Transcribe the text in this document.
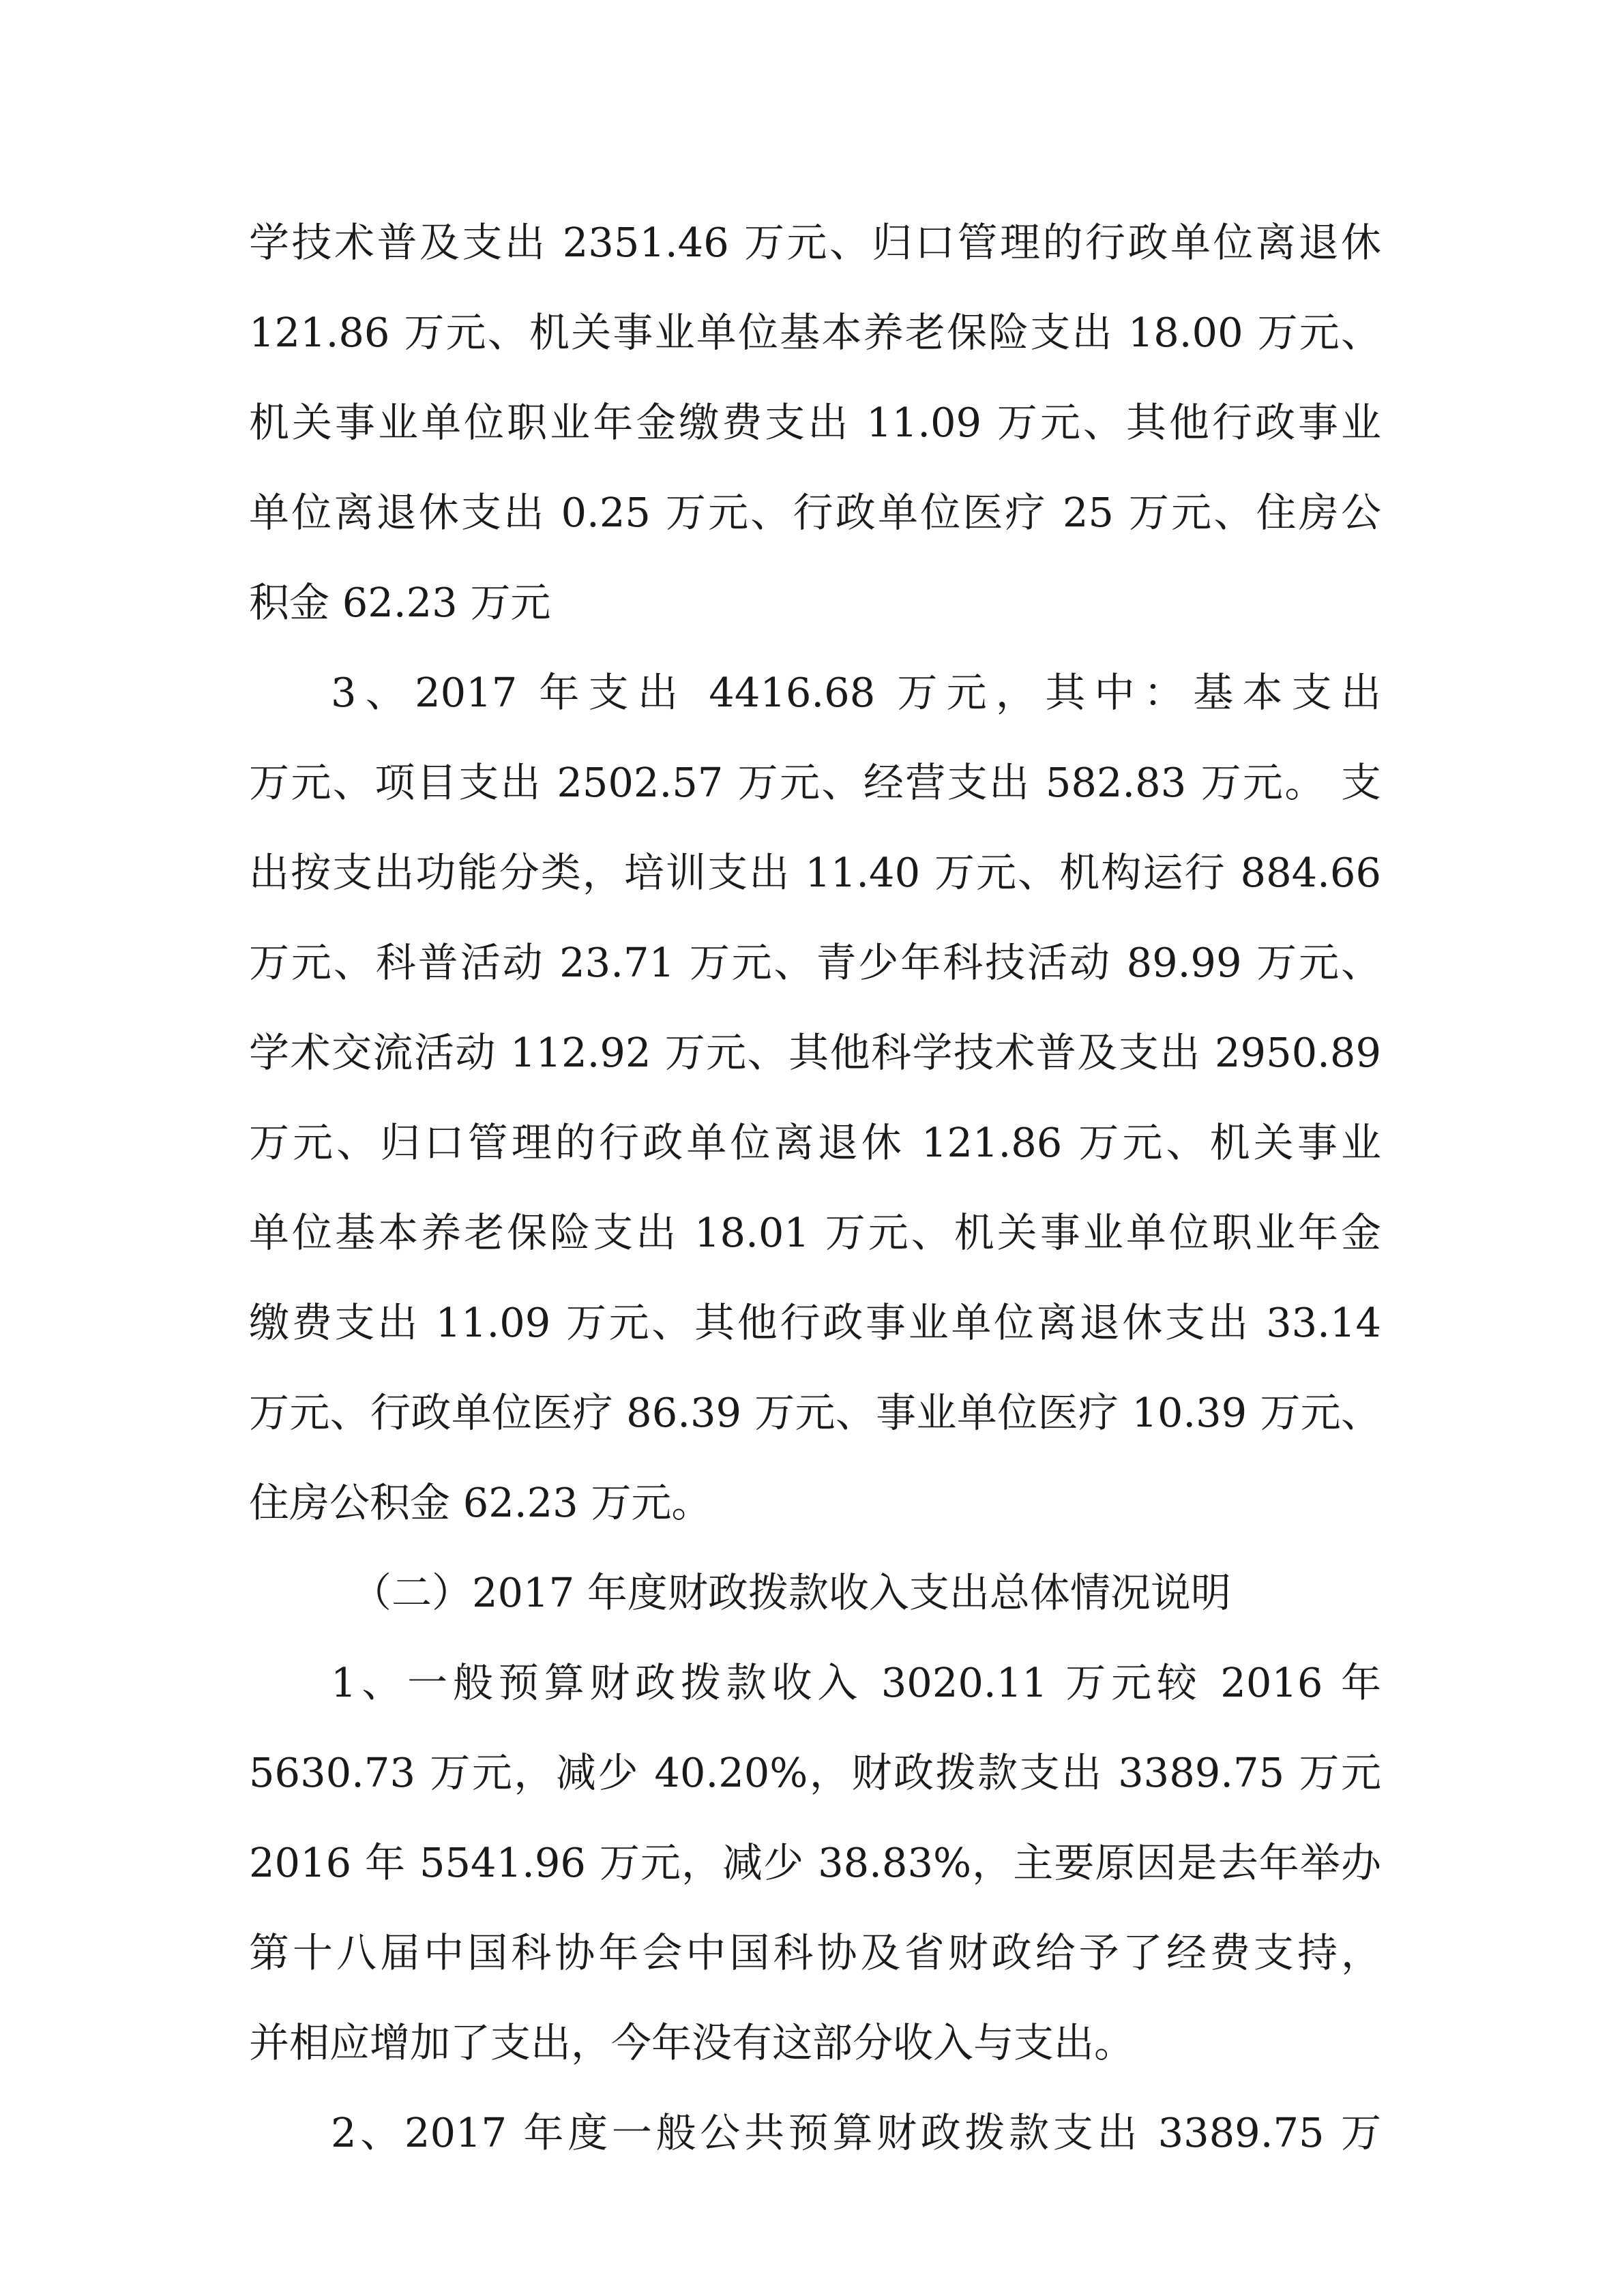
学技术普及支出 2351.46 万元、归口管理的行政单位离退休
121.86 万元、机关事业单位基本养老保险支出 18.00 万元、
机关事业单位职业年金缴费支出 11.09 万元、其他行政事业
单位离退休支出 0.25 万元、行政单位医疗 25 万元、住房公
积金 62.23 万元
3、2017 年支出 4416.68 万元，其中：基本支出
万元、项目支出 2502.57 万元、经营支出 582.83 万元。 支
出按支出功能分类，培训支出 11.40 万元、机构运行 884.66
万元、科普活动 23.71 万元、青少年科技活动 89.99 万元、
学术交流活动 112.92 万元、其他科学技术普及支出 2950.89
万元、归口管理的行政单位离退休 121.86 万元、机关事业
单位基本养老保险支出 18.01 万元、机关事业单位职业年金
缴费支出 11.09 万元、其他行政事业单位离退休支出 33.14
万元、行政单位医疗 86.39 万元、事业单位医疗 10.39 万元、
住房公积金 62.23 万元。
（二）2017 年度财政拨款收入支出总体情况说明
1、一般预算财政拨款收入 3020.11 万元较 2016 年
5630.73 万元，减少 40.20%，财政拨款支出 3389.75 万元
2016 年 5541.96 万元，减少 38.83%，主要原因是去年举办
第十八届中国科协年会中国科协及省财政给予了经费支持，
并相应增加了支出，今年没有这部分收入与支出。
2、2017 年度一般公共预算财政拨款支出 3389.75 万
